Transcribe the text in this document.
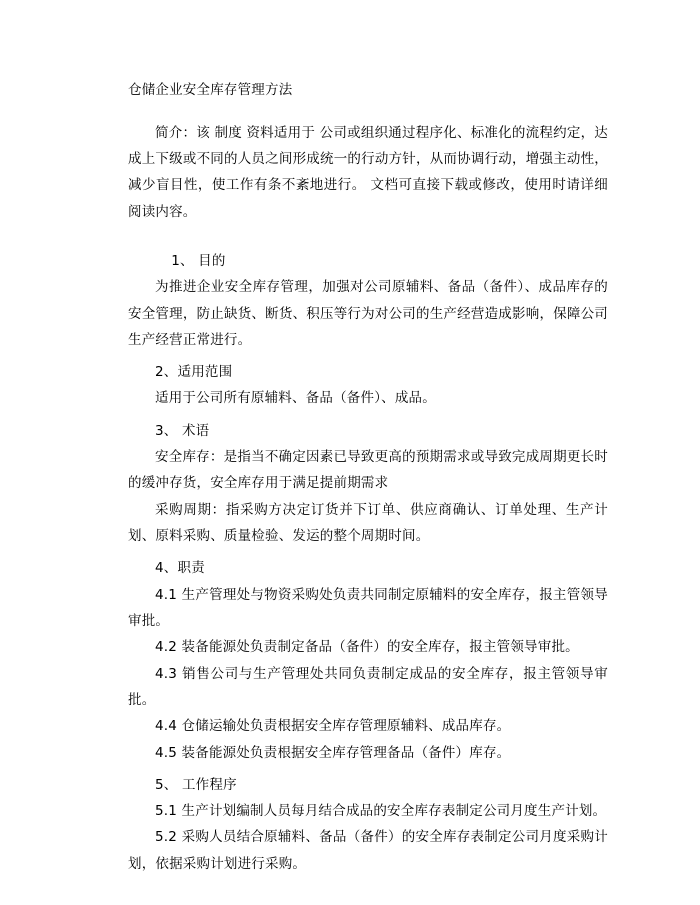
仓储企业安全库存管理方法

简介：该 制度 资料适用于 公司或组织通过程序化、标准化的流程约定，达成上下级或不同的人员之间形成统一的行动方针，从而协调行动，增强主动性，减少盲目性，使工作有条不紊地进行。 文档可直接下载或修改，使用时请详细阅读内容。

1、 目的

为推进企业安全库存管理，加强对公司原辅料、备品（备件）、成品库存的安全管理，防止缺货、断货、积压等行为对公司的生产经营造成影响，保障公司生产经营正常进行。

2、适用范围

适用于公司所有原辅料、备品（备件）、成品。

3、 术语

安全库存：是指当不确定因素已导致更高的预期需求或导致完成周期更长时的缓冲存货，安全库存用于满足提前期需求

采购周期：指采购方决定订货并下订单、供应商确认、订单处理、生产计划、原料采购、质量检验、发运的整个周期时间。

4、职责

4.1 生产管理处与物资采购处负责共同制定原辅料的安全库存，报主管领导审批。

4.2 装备能源处负责制定备品（备件）的安全库存，报主管领导审批。

4.3 销售公司与生产管理处共同负责制定成品的安全库存，报主管领导审批。

4.4 仓储运输处负责根据安全库存管理原辅料、成品库存。

4.5 装备能源处负责根据安全库存管理备品（备件）库存。

5、 工作程序

5.1 生产计划编制人员每月结合成品的安全库存表制定公司月度生产计划。

5.2 采购人员结合原辅料、备品（备件）的安全库存表制定公司月度采购计划，依据采购计划进行采购。
